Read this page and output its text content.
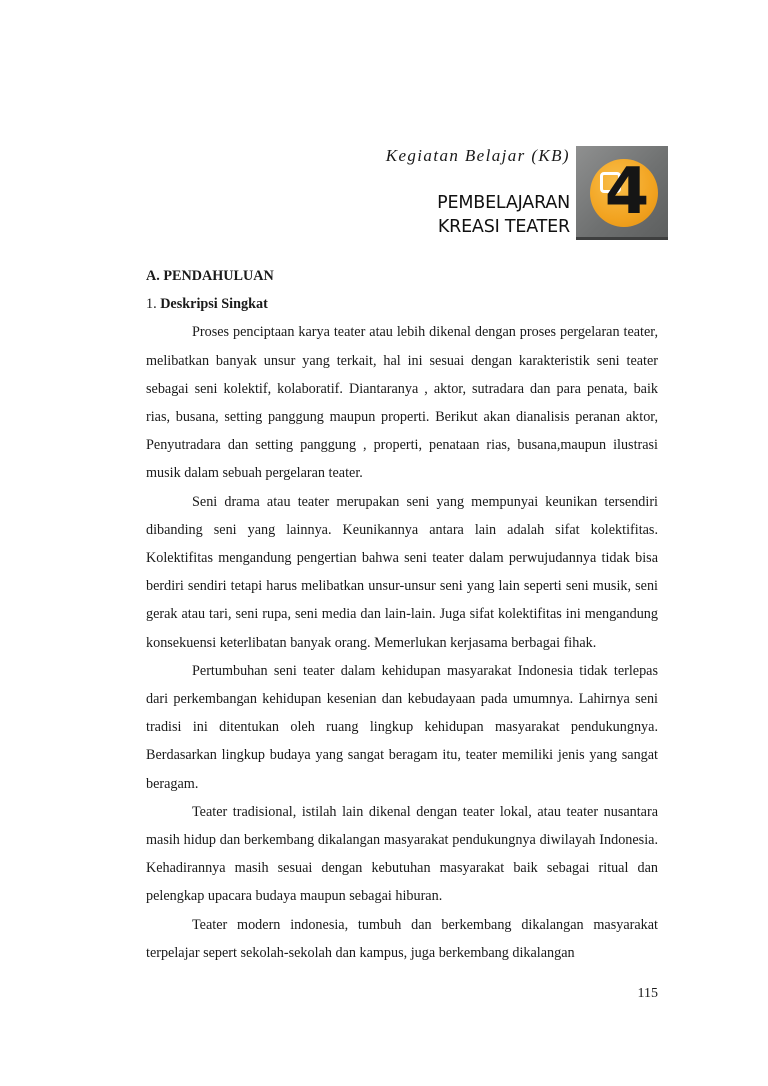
Kegiatan Belajar (KB)
PEMBELAJARAN
KREASI TEATER 4

A. PENDAHULUAN

1. Deskripsi Singkat

Proses penciptaan karya teater atau lebih dikenal dengan proses pergelaran teater, melibatkan banyak unsur yang terkait, hal ini sesuai dengan karakteristik seni teater sebagai seni kolektif, kolaboratif. Diantaranya , aktor, sutradara dan para penata, baik rias, busana, setting panggung maupun properti. Berikut akan dianalisis peranan aktor, Penyutradara dan setting panggung , properti, penataan rias, busana,maupun ilustrasi musik dalam sebuah pergelaran teater.

Seni drama atau teater merupakan seni yang mempunyai keunikan tersendiri dibanding seni yang lainnya. Keunikannya antara lain adalah sifat kolektifitas. Kolektifitas mengandung pengertian bahwa seni teater dalam perwujudannya tidak bisa berdiri sendiri tetapi harus melibatkan unsur-unsur seni yang lain seperti seni musik, seni gerak atau tari, seni rupa, seni media dan lain-lain. Juga sifat kolektifitas ini mengandung konsekuensi keterlibatan banyak orang. Memerlukan kerjasama berbagai fihak.

Pertumbuhan seni teater dalam kehidupan masyarakat Indonesia tidak terlepas dari perkembangan kehidupan kesenian dan kebudayaan pada umumnya. Lahirnya seni tradisi ini ditentukan oleh ruang lingkup kehidupan masyarakat pendukungnya. Berdasarkan lingkup budaya yang sangat beragam itu, teater memiliki jenis yang sangat beragam.

Teater tradisional, istilah lain dikenal dengan teater lokal, atau teater nusantara masih hidup dan berkembang dikalangan masyarakat pendukungnya diwilayah Indonesia. Kehadirannya masih sesuai dengan kebutuhan masyarakat baik sebagai ritual dan pelengkap upacara budaya maupun sebagai hiburan.

Teater modern indonesia, tumbuh dan berkembang dikalangan masyarakat terpelajar sepert sekolah-sekolah dan kampus, juga berkembang dikalangan

115
